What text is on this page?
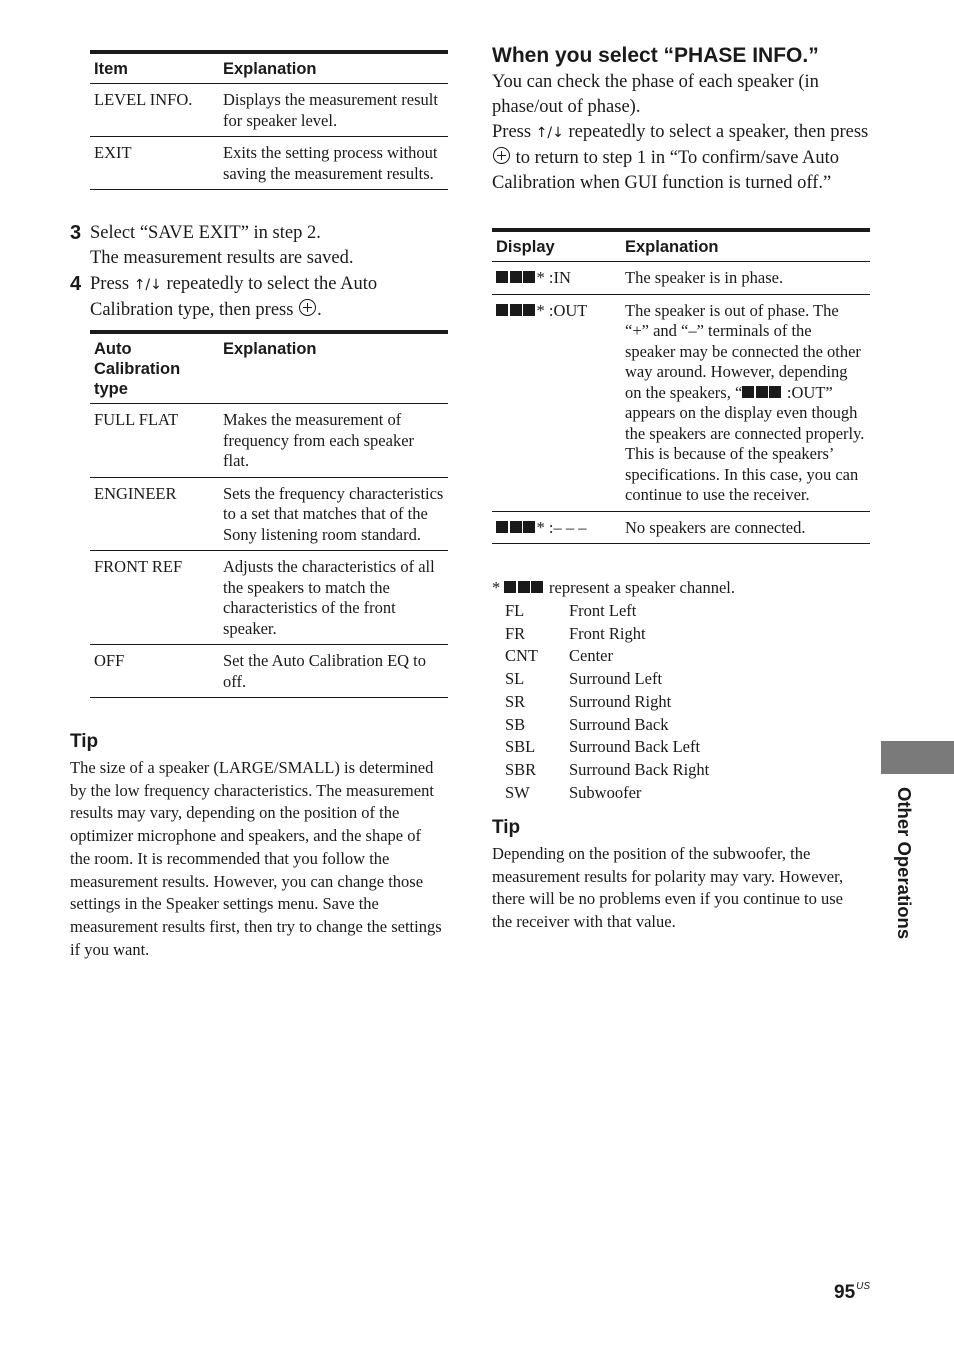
Item	Explanation
LEVEL INFO.	Displays the measurement result for speaker level.
EXIT	Exits the setting process without saving the measurement results.
3 Select “SAVE EXIT” in step 2.
The measurement results are saved.
4 Press ↑/↓ repeatedly to select the Auto Calibration type, then press .
Auto Calibration type	Explanation
FULL FLAT	Makes the measurement of frequency from each speaker flat.
ENGINEER	Sets the frequency characteristics to a set that matches that of the Sony listening room standard.
FRONT REF	Adjusts the characteristics of all the speakers to match the characteristics of the front speaker.
OFF	Set the Auto Calibration EQ to off.
Tip
The size of a speaker (LARGE/SMALL) is determined by the low frequency characteristics. The measurement results may vary, depending on the position of the optimizer microphone and speakers, and the shape of the room. It is recommended that you follow the measurement results. However, you can change those settings in the Speaker settings menu. Save the measurement results first, then try to change the settings if you want.
When you select “PHASE INFO.”

You can check the phase of each speaker (in phase/out of phase).

Press ↑/↓ repeatedly to select a speaker, then press  to return to step 1 in “To confirm/save Auto Calibration when GUI function is turned off.”

Display	Explanation
* :IN	The speaker is in phase.
* :OUT	The speaker is out of phase. The “+” and “–” terminals of the speaker may be connected the other way around. However, depending on the speakers, “ :OUT” appears on the display even though the speakers are connected properly. This is because of the speakers’ specifications. In this case, you can continue to use the receiver.
* :– – –	No speakers are connected.
*	represent a speaker channel.
FL	Front Left
FR	Front Right
CNT	Center
SL	Surround Left
SR	Surround Right
SB	Surround Back
SBL	Surround Back Left
SBR	Surround Back Right
SW	Subwoofer
Tip
Depending on the position of the subwoofer, the measurement results for polarity may vary. However, there will be no problems even if you continue to use the receiver with that value.	Other Operations
$95^{US}$
